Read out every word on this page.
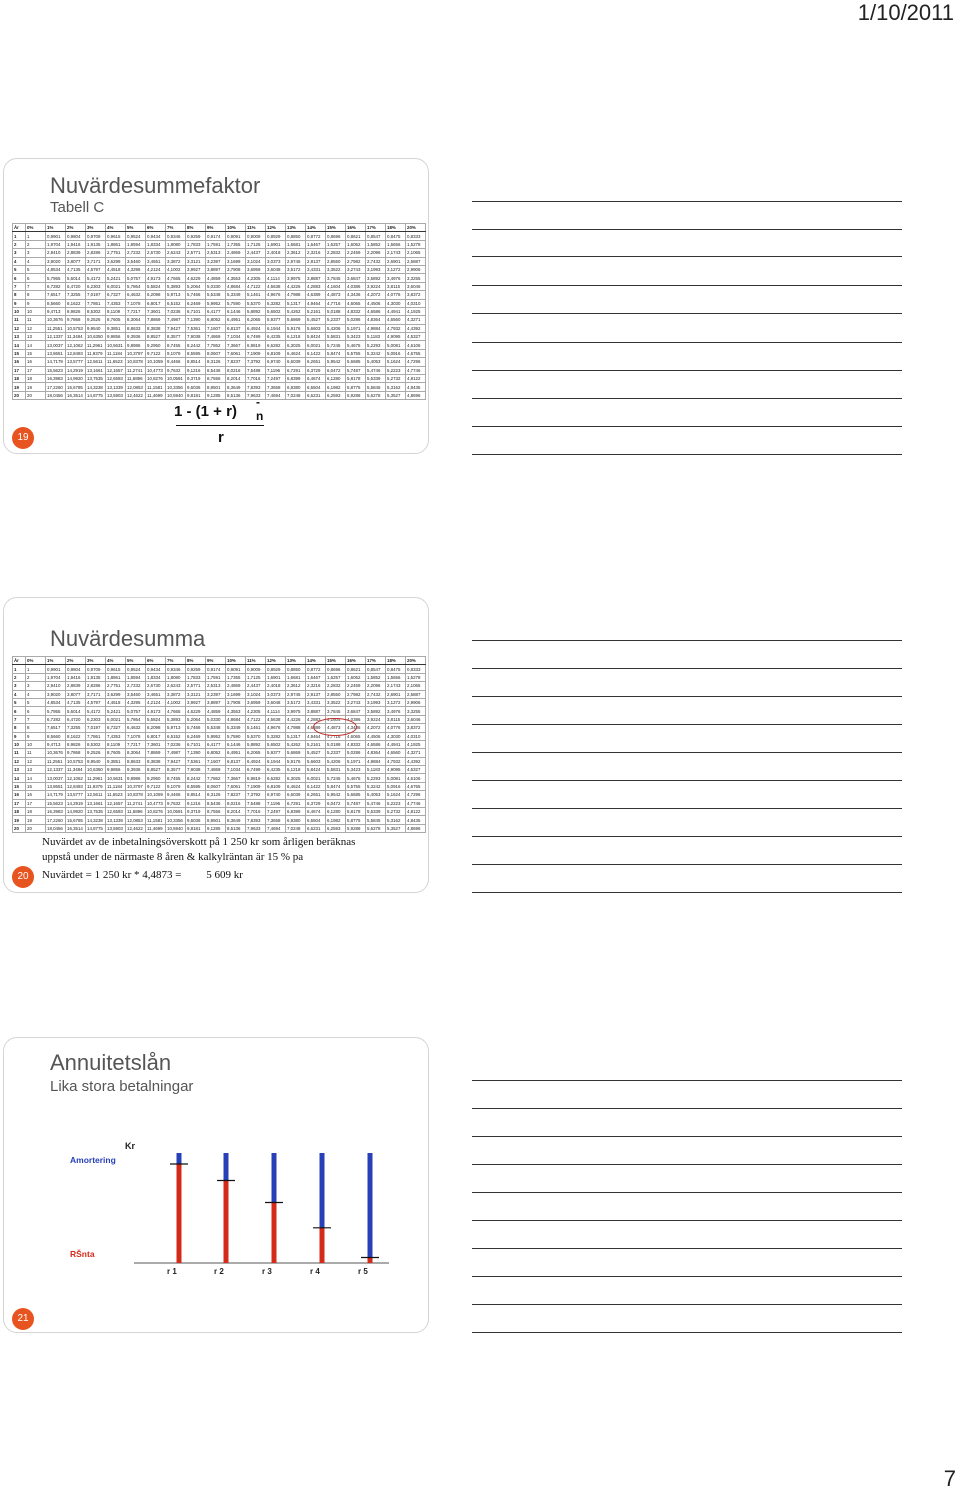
1/10/2011
Nuvärdesummefaktor
Tabell C
År	0%	1%	2%	3%	4%	5%	6%	7%	8%	9%	10%	11%	12%	13%	14%	15%	16%	17%	18%	20%
1	1	0,9901	0,9804	0,9709	0,9615	0,9524	0,9434	0,9346	0,9259	0,9174	0,9091	0,9009	0,8929	0,8850	0,8772	0,8696	0,8621	0,8547	0,8475	0,8333
2	2	1,9704	1,9416	1,9135	1,8861	1,8594	1,8334	1,8080	1,7833	1,7591	1,7355	1,7125	1,6901	1,6681	1,6467	1,6257	1,6052	1,5852	1,5656	1,5278
3	3	2,9410	2,8839	2,8286	2,7751	2,7232	2,6730	2,6243	2,5771	2,5313	2,4869	2,4437	2,4018	2,3612	2,3216	2,2832	2,2459	2,2096	2,1743	2,1065
4	4	3,9020	3,8077	3,7171	3,6299	3,5460	3,4651	3,3872	3,3121	3,2397	3,1699	3,1024	3,0373	2,9745	2,9137	2,8550	2,7982	2,7432	2,6901	2,5887
5	5	4,8534	4,7135	4,5797	4,4518	4,3295	4,2124	4,1002	3,9927	3,8897	3,7908	3,6959	3,6048	3,5172	3,4331	3,3522	3,2743	3,1993	3,1272	2,9906
6	6	5,7955	5,6014	5,4172	5,2421	5,0757	4,9173	4,7665	4,6229	4,4859	4,3553	4,2305	4,1114	3,9975	3,8887	3,7845	3,6847	3,5892	3,4976	3,3255
7	7	6,7282	6,4720	6,2303	6,0021	5,7864	5,5824	5,3893	5,2064	5,0330	4,8684	4,7122	4,5638	4,4226	4,2883	4,1604	4,0386	3,9224	3,8115	3,6046
8	8	7,6517	7,3255	7,0197	6,7327	6,4632	6,2098	5,9713	5,7466	5,5348	5,3349	5,1461	4,9676	4,7988	4,6389	4,4873	4,3436	4,2072	4,0776	3,8372
9	9	8,5660	8,1622	7,7861	7,4353	7,1078	6,8017	6,5152	6,2469	5,9952	5,7590	5,5370	5,3282	5,1317	4,9464	4,7716	4,6065	4,4506	4,3030	4,0310
10	10	9,4713	8,9826	8,5302	8,1109	7,7217	7,3601	7,0236	6,7101	6,4177	6,1446	5,8892	5,6502	5,4262	5,2161	5,0188	4,8332	4,6586	4,4941	4,1925
11	11	10,3676	9,7868	9,2526	8,7605	8,3064	7,8869	7,4987	7,1390	6,8052	6,4951	6,2065	5,9377	5,6869	5,4527	5,2337	5,0286	4,8364	4,6560	4,3271
12	12	11,2551	10,5753	9,9540	9,3851	8,8633	8,3838	7,9427	7,5361	7,1607	6,8137	6,4924	6,1944	5,9176	5,6603	5,4206	5,1971	4,9884	4,7932	4,4392
13	13	12,1337	11,3484	10,6350	9,9856	9,3936	8,8527	8,3577	7,9038	7,4869	7,1034	6,7499	6,4235	6,1218	5,8424	5,5831	5,3423	5,1183	4,9095	4,5327
14	14	13,0037	12,1062	11,2961	10,5631	9,8986	9,2950	8,7455	8,2442	7,7862	7,3667	6,9819	6,6282	6,3025	6,0021	5,7245	5,4675	5,2293	5,0081	4,6106
15	15	13,8651	12,8493	11,9379	11,1184	10,3797	9,7122	9,1079	8,5595	8,0607	7,6061	7,1909	6,8109	6,4624	6,1422	5,8474	5,5755	5,3242	5,0916	4,6755
16	16	14,7179	13,5777	12,5611	11,6523	10,8378	10,1059	9,4466	8,8514	8,3126	7,8237	7,3792	6,9740	6,6039	6,2651	5,9542	5,6685	5,4053	5,1624	4,7296
17	17	15,5623	14,2919	13,1661	12,1657	11,2741	10,4773	9,7632	9,1216	8,5436	8,0216	7,5488	7,1196	6,7291	6,3729	6,0472	5,7487	5,4746	5,2223	4,7746
18	18	16,3983	14,9920	13,7535	12,6593	11,6896	10,8276	10,0591	9,3719	8,7556	8,2014	7,7016	7,2497	6,8399	6,4674	6,1280	5,8178	5,5339	5,2732	4,8122
19	19	17,2260	15,6785	14,3238	13,1339	12,0853	11,1581	10,3356	9,6036	8,9501	8,3649	7,8393	7,3658	6,9380	6,5504	6,1982	5,8775	5,5845	5,3162	4,8435
20	20	18,0456	16,3514	14,8775	13,5903	12,4622	11,4699	10,5940	9,8181	9,1285	8,5136	7,9633	7,4694	7,0248	6,6231	6,2593	5,9288	5,6278	5,3527	4,8696
1 - (1 + r)
-n
r
19
Nuvärdesumma
År	0%	1%	2%	3%	4%	5%	6%	7%	8%	9%	10%	11%	12%	13%	14%	15%	16%	17%	18%	20%
1	1	0,9901	0,9804	0,9709	0,9615	0,9524	0,9434	0,9346	0,9259	0,9174	0,9091	0,9009	0,8929	0,8850	0,8772	0,8696	0,8621	0,8547	0,8475	0,8333
2	2	1,9704	1,9416	1,9135	1,8861	1,8594	1,8334	1,8080	1,7833	1,7591	1,7355	1,7125	1,6901	1,6681	1,6467	1,6257	1,6052	1,5852	1,5656	1,5278
3	3	2,9410	2,8839	2,8286	2,7751	2,7232	2,6730	2,6243	2,5771	2,5313	2,4869	2,4437	2,4018	2,3612	2,3216	2,2832	2,2459	2,2096	2,1743	2,1065
4	4	3,9020	3,8077	3,7171	3,6299	3,5460	3,4651	3,3872	3,3121	3,2397	3,1699	3,1024	3,0373	2,9745	2,9137	2,8550	2,7982	2,7432	2,6901	2,5887
5	5	4,8534	4,7135	4,5797	4,4518	4,3295	4,2124	4,1002	3,9927	3,8897	3,7908	3,6959	3,6048	3,5172	3,4331	3,3522	3,2743	3,1993	3,1272	2,9906
6	6	5,7955	5,6014	5,4172	5,2421	5,0757	4,9173	4,7665	4,6229	4,4859	4,3553	4,2305	4,1114	3,9975	3,8887	3,7845	3,6847	3,5892	3,4976	3,3255
7	7	6,7282	6,4720	6,2303	6,0021	5,7864	5,5824	5,3893	5,2064	5,0330	4,8684	4,7122	4,5638	4,4226	4,2883	4,1604	4,0386	3,9224	3,8115	3,6046
8	8	7,6517	7,3255	7,0197	6,7327	6,4632	6,2098	5,9713	5,7466	5,5348	5,3349	5,1461	4,9676	4,7988	4,6389	4,4873	4,3436	4,2072	4,0776	3,8372
9	9	8,5660	8,1622	7,7861	7,4353	7,1078	6,8017	6,5152	6,2469	5,9952	5,7590	5,5370	5,3282	5,1317	4,9464	4,7716	4,6065	4,4506	4,3030	4,0310
10	10	9,4713	8,9826	8,5302	8,1109	7,7217	7,3601	7,0236	6,7101	6,4177	6,1446	5,8892	5,6502	5,4262	5,2161	5,0188	4,8332	4,6586	4,4941	4,1925
11	11	10,3676	9,7868	9,2526	8,7605	8,3064	7,8869	7,4987	7,1390	6,8052	6,4951	6,2065	5,9377	5,6869	5,4527	5,2337	5,0286	4,8364	4,6560	4,3271
12	12	11,2551	10,5753	9,9540	9,3851	8,8633	8,3838	7,9427	7,5361	7,1607	6,8137	6,4924	6,1944	5,9176	5,6603	5,4206	5,1971	4,9884	4,7932	4,4392
13	13	12,1337	11,3484	10,6350	9,9856	9,3936	8,8527	8,3577	7,9038	7,4869	7,1034	6,7499	6,4235	6,1218	5,8424	5,5831	5,3423	5,1183	4,9095	4,5327
14	14	13,0037	12,1062	11,2961	10,5631	9,8986	9,2950	8,7455	8,2442	7,7862	7,3667	6,9819	6,6282	6,3025	6,0021	5,7245	5,4675	5,2293	5,0081	4,6106
15	15	13,8651	12,8493	11,9379	11,1184	10,3797	9,7122	9,1079	8,5595	8,0607	7,6061	7,1909	6,8109	6,4624	6,1422	5,8474	5,5755	5,3242	5,0916	4,6755
16	16	14,7179	13,5777	12,5611	11,6523	10,8378	10,1059	9,4466	8,8514	8,3126	7,8237	7,3792	6,9740	6,6039	6,2651	5,9542	5,6685	5,4053	5,1624	4,7296
17	17	15,5623	14,2919	13,1661	12,1657	11,2741	10,4773	9,7632	9,1216	8,5436	8,0216	7,5488	7,1196	6,7291	6,3729	6,0472	5,7487	5,4746	5,2223	4,7746
18	18	16,3983	14,9920	13,7535	12,6593	11,6896	10,8276	10,0591	9,3719	8,7556	8,2014	7,7016	7,2497	6,8399	6,4674	6,1280	5,8178	5,5339	5,2732	4,8122
19	19	17,2260	15,6785	14,3238	13,1339	12,0853	11,1581	10,3356	9,6036	8,9501	8,3649	7,8393	7,3658	6,9380	6,5504	6,1982	5,8775	5,5845	5,3162	4,8435
20	20	18,0456	16,3514	14,8775	13,5903	12,4622	11,4699	10,5940	9,8181	9,1285	8,5136	7,9633	7,4694	7,0248	6,6231	6,2593	5,9288	5,6278	5,3527	4,8696
Nuvärdet av de inbetalningsöverskott på 1 250 kr som årligen beräknas
uppstå under de närmaste 8 åren & kalkylräntan är 15 % pa
Nuvärdet = 1 250 kr * 4,4873 = 5 609 kr
20
Annuitetslån
Lika stora betalningar
Kr
Amortering
RŠnta
r 1	r 2	r 3	r 4	r 5
21
7
